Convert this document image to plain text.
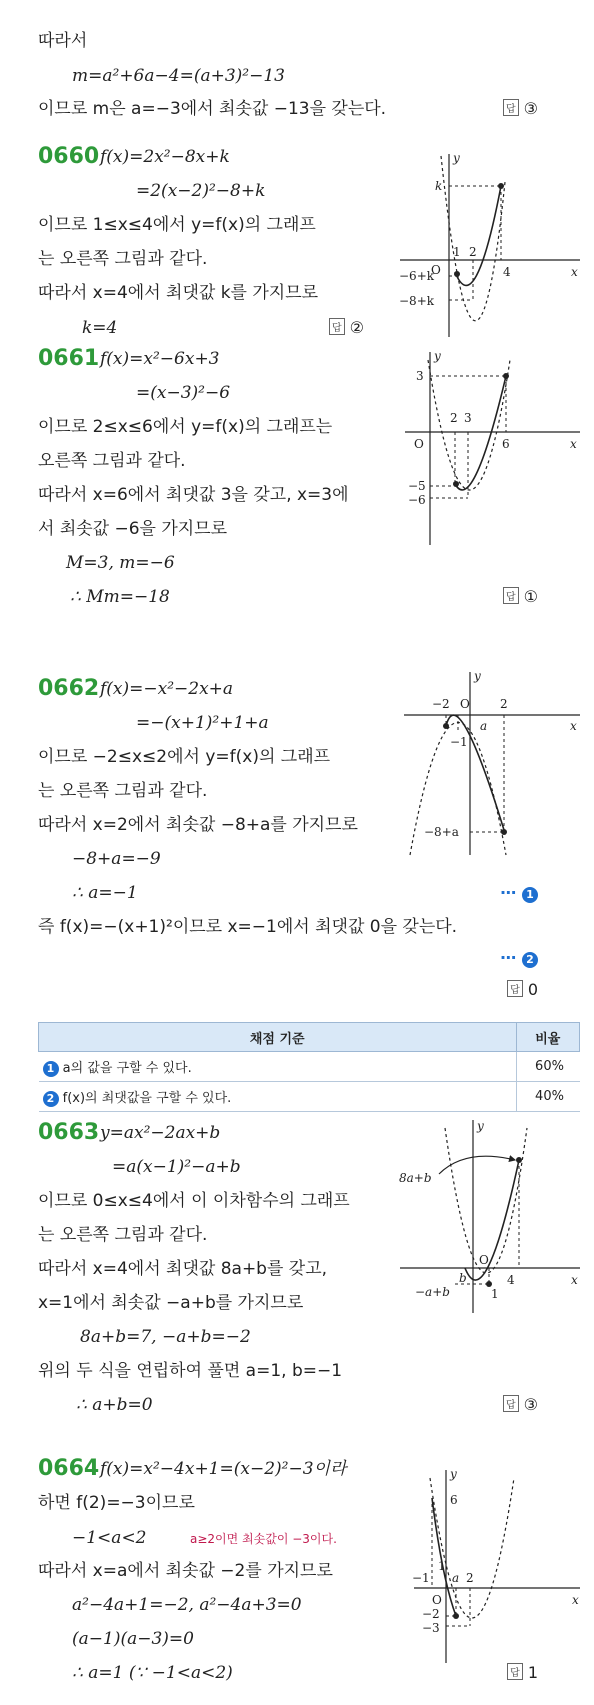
따라서
m=a²+6a−4=(a+3)²−13
이므로 m은 a=−3에서 최솟값 −13을 갖는다.	답 ③
0660 f(x)=2x²−8x+k
=2(x−2)²−8+k
이므로 1≤x≤4에서 y=f(x)의 그래프
는 오른쪽 그림과 같다.
따라서 x=4에서 최댓값 k를 가지므로
k=4	답 ②
y
k
O
1 2
4	x
−6+k
−8+k
0661 f(x)=x²−6x+3
=(x−3)²−6
이므로 2≤x≤6에서 y=f(x)의 그래프는
오른쪽 그림과 같다.
따라서 x=6에서 최댓값 3을 갖고, x=3에
서 최솟값 −6을 가지므로
M=3, m=−6
∴ Mm=−18	답 ①
y
3
O
2 3
6	x
−5
−6
0662 f(x)=−x²−2x+a
=−(x+1)²+1+a
이므로 −2≤x≤2에서 y=f(x)의 그래프
는 오른쪽 그림과 같다.
따라서 x=2에서 최솟값 −8+a를 가지므로
−8+a=−9
∴ a=−1	⋯ 1
즉 f(x)=−(x+1)²이므로 x=−1에서 최댓값 0을 갖는다.
⋯ 2
답 0
y
−2 O	2
x
a
−1
−8+a
채점 기준	비율
1 a의 값을 구할 수 있다.	60%
2 f(x)의 최댓값을 구할 수 있다.	40%
0663 y=ax²−2ax+b
=a(x−1)²−a+b
이므로 0≤x≤4에서 이 이차함수의 그래프
는 오른쪽 그림과 같다.
따라서 x=4에서 최댓값 8a+b를 갖고,
x=1에서 최솟값 −a+b를 가지므로
8a+b=7, −a+b=−2
위의 두 식을 연립하여 풀면 a=1, b=−1
∴ a+b=0	답 ③
y
8a+b
O
b
1
4	x
−a+b
0664 f(x)=x²−4x+1=(x−2)²−3이라
하면 f(2)=−3이므로
−1<a<2	a≥2이면 최솟값이 −3이다.
따라서 x=a에서 최솟값 −2를 가지므로
a²−4a+1=−2, a²−4a+3=0
(a−1)(a−3)=0
∴ a=1 (∵ −1<a<2)	답 1
y
6
1
O
−1 a 2
x
−2
−3
